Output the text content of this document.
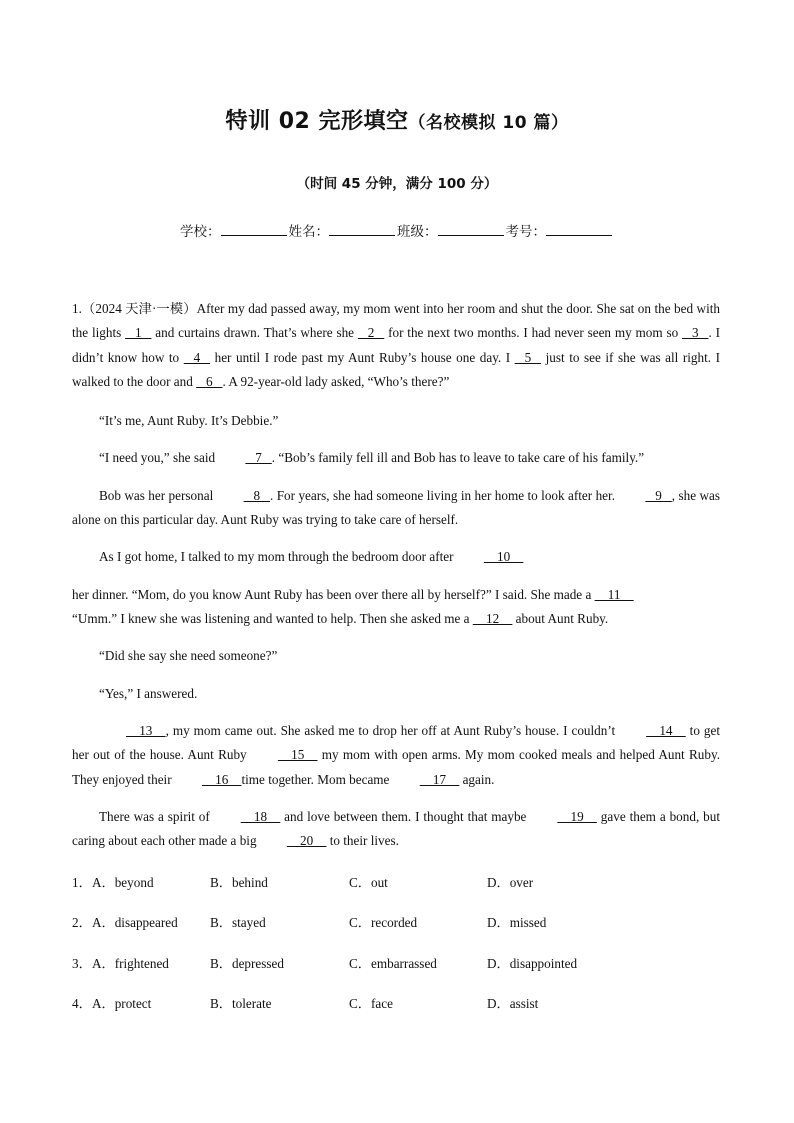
特训 02 完形填空（名校模拟 10 篇）
（时间 45 分钟，满分 100 分）
学校：	姓名：	班级：	考号：

1.（2024 天津·一模）After my dad passed away, my mom went into her room and shut the door. She sat on the bed with the lights    1    and curtains drawn. That’s where she    2    for the next two months. I had never seen my mom so    3   . I didn’t know how to    4    her until I rode past my Aunt Ruby’s house one day. I    5    just to see if she was all right. I walked to the door and    6   . A 92-year-old lady asked, “Who’s there?”

“It’s me, Aunt Ruby. It’s Debbie.”

“I need you,” she said    7   . “Bob’s family fell ill and Bob has to leave to take care of his family.”

Bob was her personal    8   . For years, she had someone living in her home to look after her.    9   , she was alone on this particular day. Aunt Ruby was trying to take care of herself.

As I got home, I talked to my mom through the bedroom door after     10

her dinner. “Mom, do you know Aunt Ruby has been over there all by herself?” I said. She made a     11
“Umm.” I knew she was listening and wanted to help. Then she asked me a     12     about Aunt Ruby.

“Did she say she need someone?”

“Yes,” I answered.

13    , my mom came out. She asked me to drop her off at Aunt Ruby’s house. I couldn’t     14     to get her out of the house. Aunt Ruby     15     my mom with open arms. My mom cooked meals and helped Aunt Ruby. They enjoyed their     16    time together. Mom became     17     again.

There was a spirit of     18     and love between them. I thought that maybe     19     gave them a bond, but caring about each other made a big     20     to their lives.

1． A．beyond	B．behind	C．out	D．over
2． A．disappeared B．stayed	C．recorded	D．missed
3． A．frightened	B．depressed	C．embarrassed	D．disappointed
4． A．protect	B．tolerate	C．face	D．assist
